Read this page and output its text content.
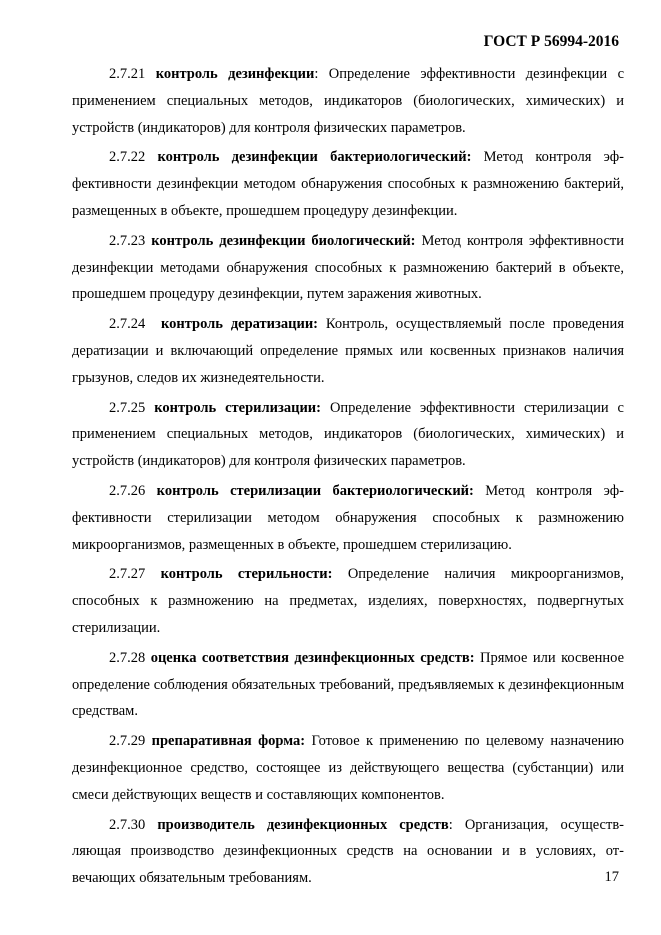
ГОСТ Р 56994-2016

2.7.21 контроль дезинфекции: Определение эффективности дезинфекции с применением специальных методов, индикаторов (биологических, химических) и устройств (индикаторов) для контроля физических параметров.

2.7.22 контроль дезинфекции бактериологический: Метод контроля эффективности дезинфекции методом обнаружения способных к размножению бактерий, размещенных в объекте, прошедшем процедуру дезинфекции.

2.7.23 контроль дезинфекции биологический: Метод контроля эффективности дезинфекции методами обнаружения способных к размножению бактерий в объекте, прошедшем процедуру дезинфекции, путем заражения животных.

2.7.24 контроль дератизации: Контроль, осуществляемый после проведения дератизации и включающий определение прямых или косвенных признаков наличия грызунов, следов их жизнедеятельности.

2.7.25 контроль стерилизации: Определение эффективности стерилизации с применением специальных методов, индикаторов (биологических, химических) и устройств (индикаторов) для контроля физических параметров.

2.7.26 контроль стерилизации бактериологический: Метод контроля эффективности стерилизации методом обнаружения способных к размножению микроорганизмов, размещенных в объекте, прошедшем стерилизацию.

2.7.27 контроль стерильности: Определение наличия микроорганизмов, способных к размножению на предметах, изделиях, поверхностях, подвергнутых стерилизации.

2.7.28 оценка соответствия дезинфекционных средств: Прямое или косвенное определение соблюдения обязательных требований, предъявляемых к дезинфекционным средствам.

2.7.29 препаративная форма: Готовое к применению по целевому назначению дезинфекционное средство, состоящее из действующего вещества (субстанции) или смеси действующих веществ и составляющих компонентов.

2.7.30 производитель дезинфекционных средств: Организация, осуществляющая производство дезинфекционных средств на основании и в условиях, отвечающих обязательным требованиям.	17
